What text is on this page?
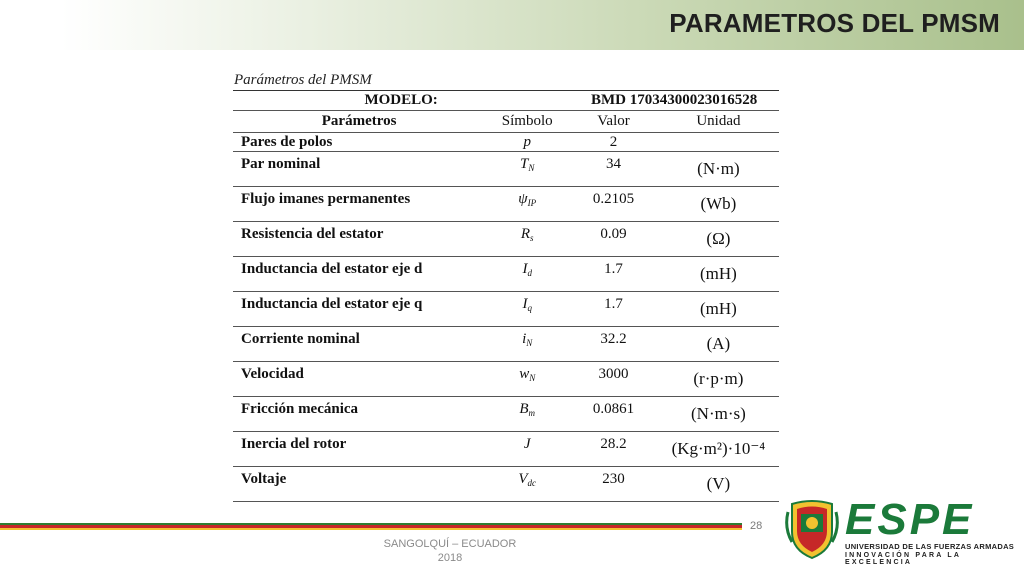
PARAMETROS DEL PMSM
Parámetros del PMSM
MODELO:		BMD 17034300023016528	
Parámetros	Símbolo	Valor	Unidad
Pares de polos	p	2	
Par nominal	$T_N$	34	(N·m)
Flujo imanes permanentes	$\psi_{IP}$	0.2105	(Wb)
Resistencia del estator	$R_s$	0.09	(Ω)
Inductancia del estator eje d	$I_d$	1.7	(mH)
Inductancia del estator eje q	$I_q$	1.7	(mH)
Corriente nominal	$i_N$	32.2	(A)
Velocidad	$w_N$	3000	(r·p·m)
Fricción mecánica	$B_m$	0.0861	(N·m·s)
Inercia del rotor	J	28.2	(Kg·m²)·10⁻⁴
Voltaje	$V_{dc}$	230	(V)
28
SANGOLQUÍ – ECUADOR
2018
ESPE
UNIVERSIDAD DE LAS FUERZAS ARMADAS
INNOVACIÓN PARA LA EXCELENCIA
